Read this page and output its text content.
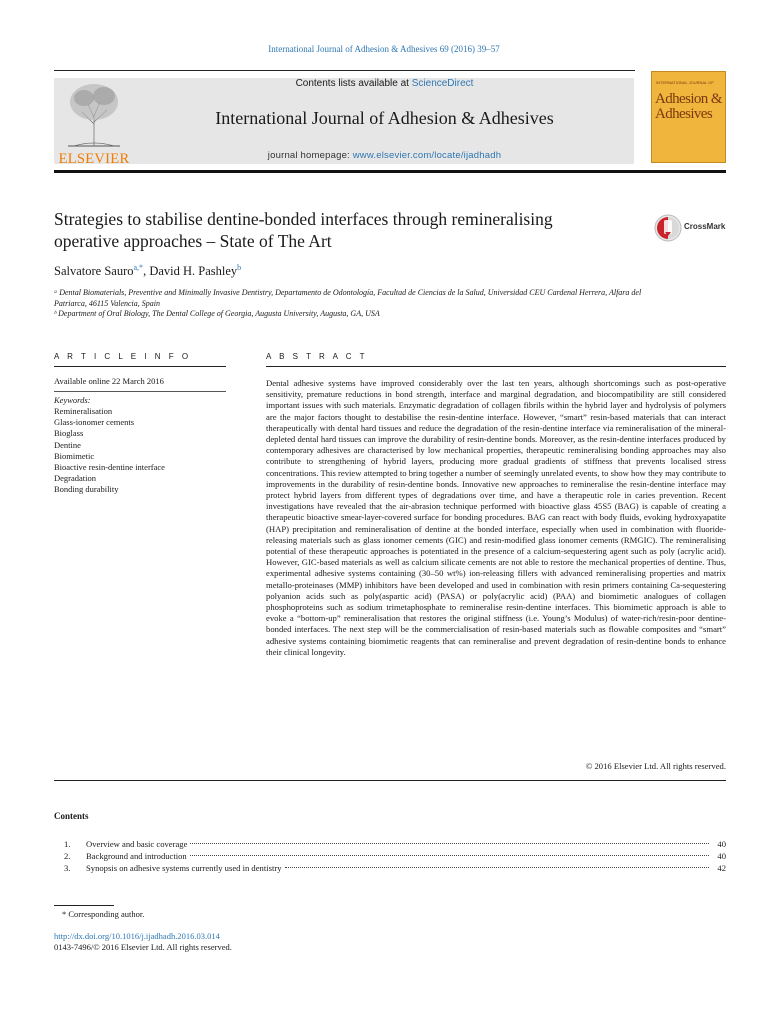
International Journal of Adhesion & Adhesives 69 (2016) 39–57
ELSEVIER
Contents lists available at ScienceDirect
International Journal of Adhesion & Adhesives
journal homepage: www.elsevier.com/locate/ijadhadh
INTERNATIONAL JOURNAL OF
Adhesion & Adhesives
Strategies to stabilise dentine-bonded interfaces through remineralising operative approaches – State of The Art
CrossMark
Salvatore Sauro$^{a,*}$, David H. Pashley$^b$
ᵃ Dental Biomaterials, Preventive and Minimally Invasive Dentistry, Departamento de Odontología, Facultad de Ciencias de la Salud, Universidad CEU Cardenal Herrera, Alfara del Patriarca, 46115 Valencia, Spain
ᵇ Department of Oral Biology, The Dental College of Georgia, Augusta University, Augusta, GA, USA
A R T I C L E I N F O	A B S T R A C T
Available online 22 March 2016
Keywords:
Remineralisation
Glass-ionomer cements
Bioglass
Dentine
Biomimetic
Bioactive resin-dentine interface
Degradation
Bonding durability
Dental adhesive systems have improved considerably over the last ten years, although shortcomings such as post-operative sensitivity, premature reductions in bond strength, interface and marginal degradation, and biocompatibility are still considered important issues with such materials. Enzymatic degradation of collagen fibrils within the hybrid layer and hydrolysis of polymers are the major factors thought to destabilise the resin-dentine interface. However, “smart” resin-based materials that can interact therapeutically with dental hard tissues and reduce the degradation of the resin-dentine interface via remineralisation of the mineral-depleted dental hard tissues can improve the durability of resin-dentine bonds. Moreover, as the resin-dentine interfaces produced by contemporary adhesives are characterised by low mechanical properties, therapeutic remineralising bonding approaches may also contribute to strengthening of hybrid layers, producing more gradual gradients of stiffness that prevents localised stress concentrations. This review attempted to bring together a number of seemingly unrelated events, to show how they may contribute to improvements in the durability of resin-dentine bonds. Innovative new approaches to remineralise the resin-dentine interface may protect hybrid layers from different types of degradations over time, and have a therapeutic role in caries prevention. Recent investigations have revealed that the air-abrasion technique performed with bioactive glass 45S5 (BAG) is capable of creating a therapeutic bioactive smear-layer-covered surface for bonding procedures. BAG can react with body fluids, evoking hydroxyapatite (HAP) precipitation and remineralisation of dentine at the bonded interface, especially when used in combination with fluoride-releasing materials such as glass ionomer cements (GIC) and resin-modified glass ionomer cements (RMGIC). The remineralising potential of these therapeutic approaches is potentiated in the presence of a calcium-sequestering agent such as poly (acrylic acid). However, GIC-based materials as well as calcium silicate cements are not able to restore the mechanical properties of dentine. Thus, experimental adhesive systems containing (30–50 wt%) ion-releasing fillers with advanced remineralising properties and matrix metallo-proteinases (MMP) inhibitors have been developed and used in combination with resin primers containing Ca-sequestering polyanion acids such as poly(aspartic acid) (PASA) or poly(acrylic acid) (PAA) and biomimetic analogues of collagen phosphoproteins such as sodium trimetaphosphate to remineralise resin-dentine interfaces. This biomimetic approach is able to evoke a “bottom-up” remineralisation that restores the original stiffness (i.e. Young’s Modulus) of water-rich/resin-poor dentine-bonded interfaces. The next step will be the commercialisation of resin-based materials such as flowable composites and “smart” adhesive systems containing biomimetic reagents that can remineralise and prevent degradation of resin-dentine bonds to enhance their clinical longevity.
© 2016 Elsevier Ltd. All rights reserved.
Contents
1.	Overview and basic coverage	40
2.	Background and introduction	40
3.	Synopsis on adhesive systems currently used in dentistry	42
* Corresponding author.
http://dx.doi.org/10.1016/j.ijadhadh.2016.03.014
0143-7496/© 2016 Elsevier Ltd. All rights reserved.
